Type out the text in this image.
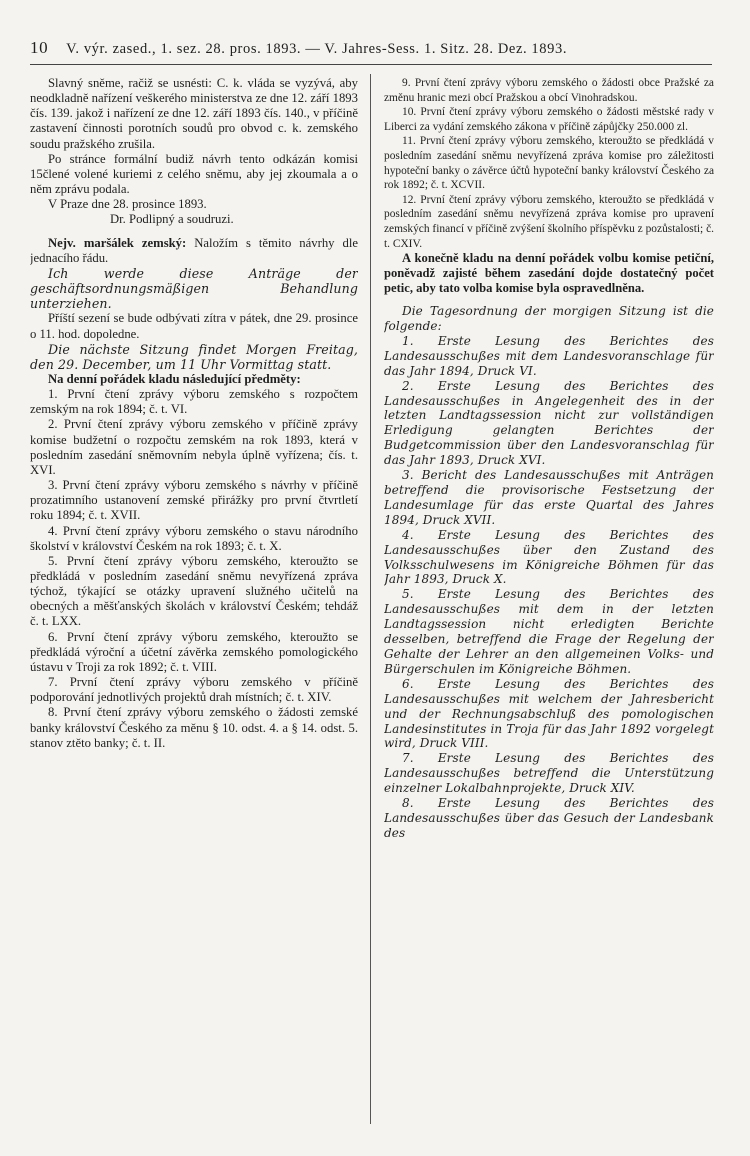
10 V. výr. zased., 1. sez. 28. pros. 1893. — V. Jahres-Sess. 1. Sitz. 28. Dez. 1893.

Slavný sněme, račiž se usnésti: C. k. vláda se vyzývá, aby neodkladně nařízení veškerého ministerstva ze dne 12. září 1893 čís. 139. jakož i nařízení ze dne 12. září 1893 čís. 140., v příčině zastavení činnosti porotních soudů pro obvod c. k. zemského soudu pražského zrušila.

Po stránce formální budiž návrh tento odkázán komisi 15člené volené kuriemi z celého sněmu, aby jej zkoumala a o něm zprávu podala.

V Praze dne 28. prosince 1893.

Dr. Podlipný a soudruzi.

Nejv. maršálek zemský: Naložím s těmito návrhy dle jednacího řádu.

Ich werde diese Anträge der geschäftsordnungsmäßigen Behandlung unterziehen.

Příští sezení se bude odbývati zítra v pátek, dne 29. prosince o 11. hod. dopoledne.

Die nächste Sitzung findet Morgen Freitag, den 29. December, um 11 Uhr Vormittag statt.

Na denní pořádek kladu následující předměty:

1. První čtení zprávy výboru zemského s rozpočtem zemským na rok 1894; č. t. VI.

2. První čtení zprávy výboru zemského v příčině zprávy komise budžetní o rozpočtu zemském na rok 1893, která v posledním zasedání sněmovním nebyla úplně vyřízena; čís. t. XVI.

3. První čtení zprávy výboru zemského s návrhy v příčině prozatimního ustanovení zemské přirážky pro první čtvrtletí roku 1894; č. t. XVII.

4. První čtení zprávy výboru zemského o stavu národního školství v království Českém na rok 1893; č. t. X.

5. První čtení zprávy výboru zemského, kteroužto se předkládá v posledním zasedání sněmu nevyřízená zpráva týchož, týkající se otázky upravení služného učitelů na obecných a měšťanských školách v království Českém; tehdáž č. t. LXX.

6. První čtení zprávy výboru zemského, kteroužto se předkládá výroční a účetní závěrka zemského pomologického ústavu v Troji za rok 1892; č. t. VIII.

7. První čtení zprávy výboru zemského v příčině podporování jednotlivých projektů drah místních; č. t. XIV.

8. První čtení zprávy výboru zemského o žádosti zemské banky království Českého za měnu § 10. odst. 4. a § 14. odst. 5. stanov ztěto banky; č. t. II.

9. První čtení zprávy výboru zemského o žádosti obce Pražské za změnu hranic mezi obcí Pražskou a obcí Vinohradskou.

10. První čtení zprávy výboru zemského o žádosti městské rady v Liberci za vydání zemského zákona v příčině zápůjčky 250.000 zl.

11. První čtení zprávy výboru zemského, kteroužto se předkládá v posledním zasedání sněmu nevyřízená zpráva komise pro záležitosti hypoteční banky o závěrce účtů hypoteční banky království Českého za rok 1892; č. t. XCVII.

12. První čtení zprávy výboru zemského, kteroužto se předkládá v posledním zasedání sněmu nevyřízená zpráva komise pro upravení zemských financí v příčině zvýšení školního příspěvku z pozůstalosti; č. t. CXIV.

A konečně kladu na denní pořádek volbu komise petiční, poněvadž zajisté během zasedání dojde dostatečný počet petic, aby tato volba komise byla ospravedlněna.

Die Tagesordnung der morgigen Sitzung ist die folgende:

1. Erste Lesung des Berichtes des Landesausschußes mit dem Landesvoranschlage für das Jahr 1894, Druck VI.

2. Erste Lesung des Berichtes des Landesausschußes in Angelegenheit des in der letzten Landtagssession nicht zur vollständigen Erledigung gelangten Berichtes der Budgetcommission über den Landesvoranschlag für das Jahr 1893, Druck XVI.

3. Bericht des Landesausschußes mit Anträgen betreffend die provisorische Festsetzung der Landesumlage für das erste Quartal des Jahres 1894, Druck XVII.

4. Erste Lesung des Berichtes des Landesausschußes über den Zustand des Volksschulwesens im Königreiche Böhmen für das Jahr 1893, Druck X.

5. Erste Lesung des Berichtes des Landesausschußes mit dem in der letzten Landtagssession nicht erledigten Berichte desselben, betreffend die Frage der Regelung der Gehalte der Lehrer an den allgemeinen Volks- und Bürgerschulen im Königreiche Böhmen.

6. Erste Lesung des Berichtes des Landesausschußes mit welchem der Jahresbericht und der Rechnungsabschluß des pomologischen Landesinstitutes in Troja für das Jahr 1892 vorgelegt wird, Druck VIII.

7. Erste Lesung des Berichtes des Landesausschußes betreffend die Unterstützung einzelner Lokalbahnprojekte, Druck XIV.

8. Erste Lesung des Berichtes des Landesausschußes über das Gesuch der Landesbank des
